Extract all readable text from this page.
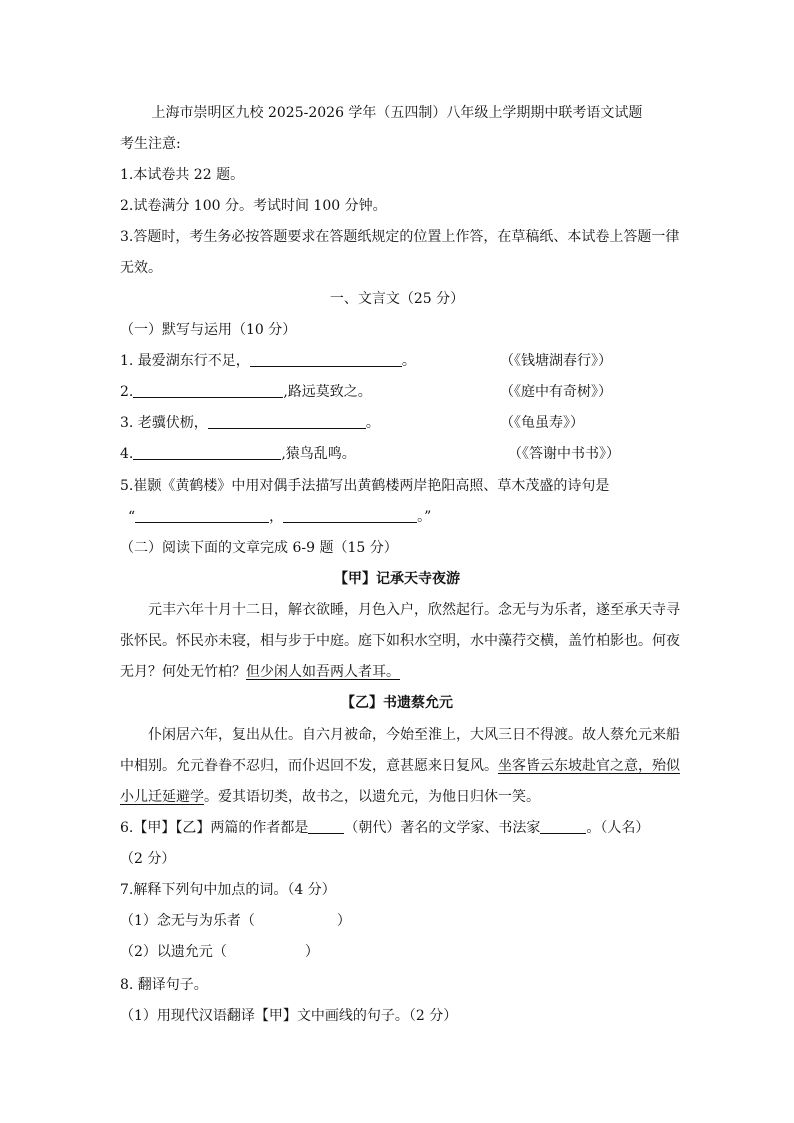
上海市崇明区九校 2025-2026 学年（五四制）八年级上学期期中联考语文试题
考生注意:
1.本试卷共 22 题。
2.试卷满分 100 分。考试时间 100 分钟。
3.答题时，考生务必按答题要求在答题纸规定的位置上作答，在草稿纸、本试卷上答题一律
无效。
一、文言文（25 分）
（一）默写与运用（10 分）
1. 最爱湖东行不足，	。	（《钱塘湖春行》）
2.	,路远莫致之。	（《庭中有奇树》）
3. 老骥伏枥，	。	（《龟虽寿》）
4.	,猿鸟乱鸣。	（《答谢中书书》）
5.崔颢《黄鹤楼》中用对偶手法描写出黄鹤楼两岸艳阳高照、草木茂盛的诗句是
“	，	。”
（二）阅读下面的文章完成 6-9 题（15 分）
【甲】记承天寺夜游
元丰六年十月十二日，解衣欲睡，月色入户，欣然起行。念无与为乐者，遂至承天寺寻
张怀民。怀民亦未寝，相与步于中庭。庭下如积水空明，水中藻荇交横，盖竹柏影也。何夜
无月？何处无竹柏？但少闲人如吾两人者耳。
【乙】书遗蔡允元
仆闲居六年，复出从仕。自六月被命，今始至淮上，大风三日不得渡。故人蔡允元来船
中相别。允元眷眷不忍归，而仆迟回不发，意甚愿来日复风。坐客皆云东坡赴官之意，殆似
小儿迁延避学。爱其语切类，故书之，以遗允元，为他日归休一笑。
6.【甲】【乙】两篇的作者都是	（朝代）著名的文学家、书法家	。（人名）
（2 分）
7.解释下列句中加点的词。（4 分）
（1）念无与为乐者（	）
（2）以遗允元（	）
8. 翻译句子。
（1）用现代汉语翻译【甲】文中画线的句子。（2 分）
